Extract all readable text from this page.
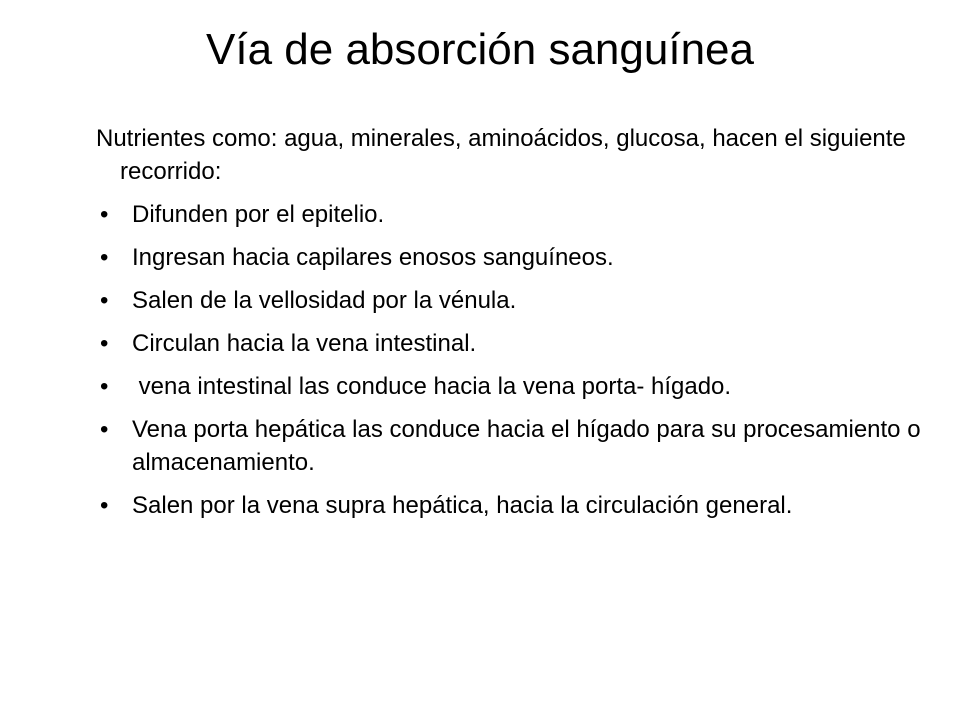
Vía de absorción sanguínea

Nutrientes como: agua, minerales, aminoácidos, glucosa, hacen el siguiente recorrido:

• Difunden por el epitelio.
• Ingresan hacia capilares enosos sanguíneos.
• Salen de la vellosidad por la vénula.
• Circulan hacia la vena intestinal.
• vena intestinal las conduce hacia la vena porta- hígado.
• Vena porta hepática las conduce hacia el hígado para su procesamiento o almacenamiento.
• Salen por la vena supra hepática, hacia la circulación general.
